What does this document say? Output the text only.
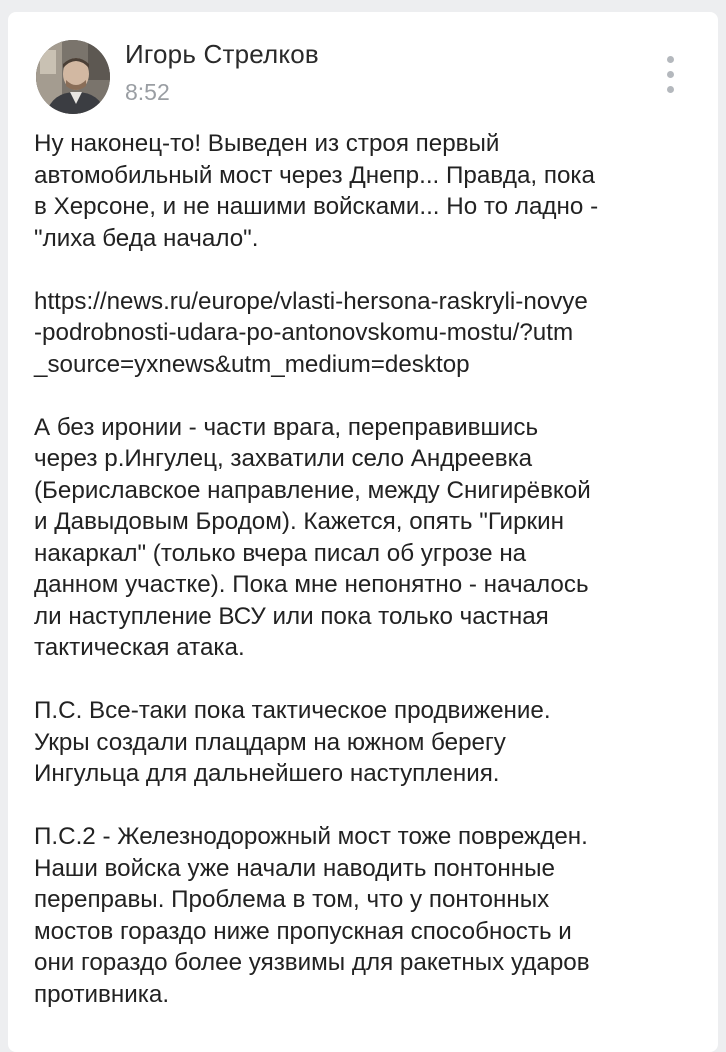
Игорь Стрелков
8:52

Ну наконец-то! Выведен из строя первый
автомобильный мост через Днепр... Правда, пока
в Херсоне, и не нашими войсками... Но то ладно -
"лиха беда начало".

https://news.ru/europe/vlasti-hersona-raskryli-novye
-podrobnosti-udara-po-antonovskomu-mostu/?utm
_source=yxnews&utm_medium=desktop

А без иронии - части врага, переправившись
через р.Ингулец, захватили село Андреевка
(Бериславское направление, между Снигирёвкой
и Давыдовым Бродом). Кажется, опять "Гиркин
накаркал" (только вчера писал об угрозе на
данном участке). Пока мне непонятно - началось
ли наступление ВСУ или пока только частная
тактическая атака.

П.С. Все-таки пока тактическое продвижение.
Укры создали плацдарм на южном берегу
Ингульца для дальнейшего наступления.

П.С.2 - Железнодорожный мост тоже поврежден.
Наши войска уже начали наводить понтонные
переправы. Проблема в том, что у понтонных
мостов гораздо ниже пропускная способность и
они гораздо более уязвимы для ракетных ударов
противника.
